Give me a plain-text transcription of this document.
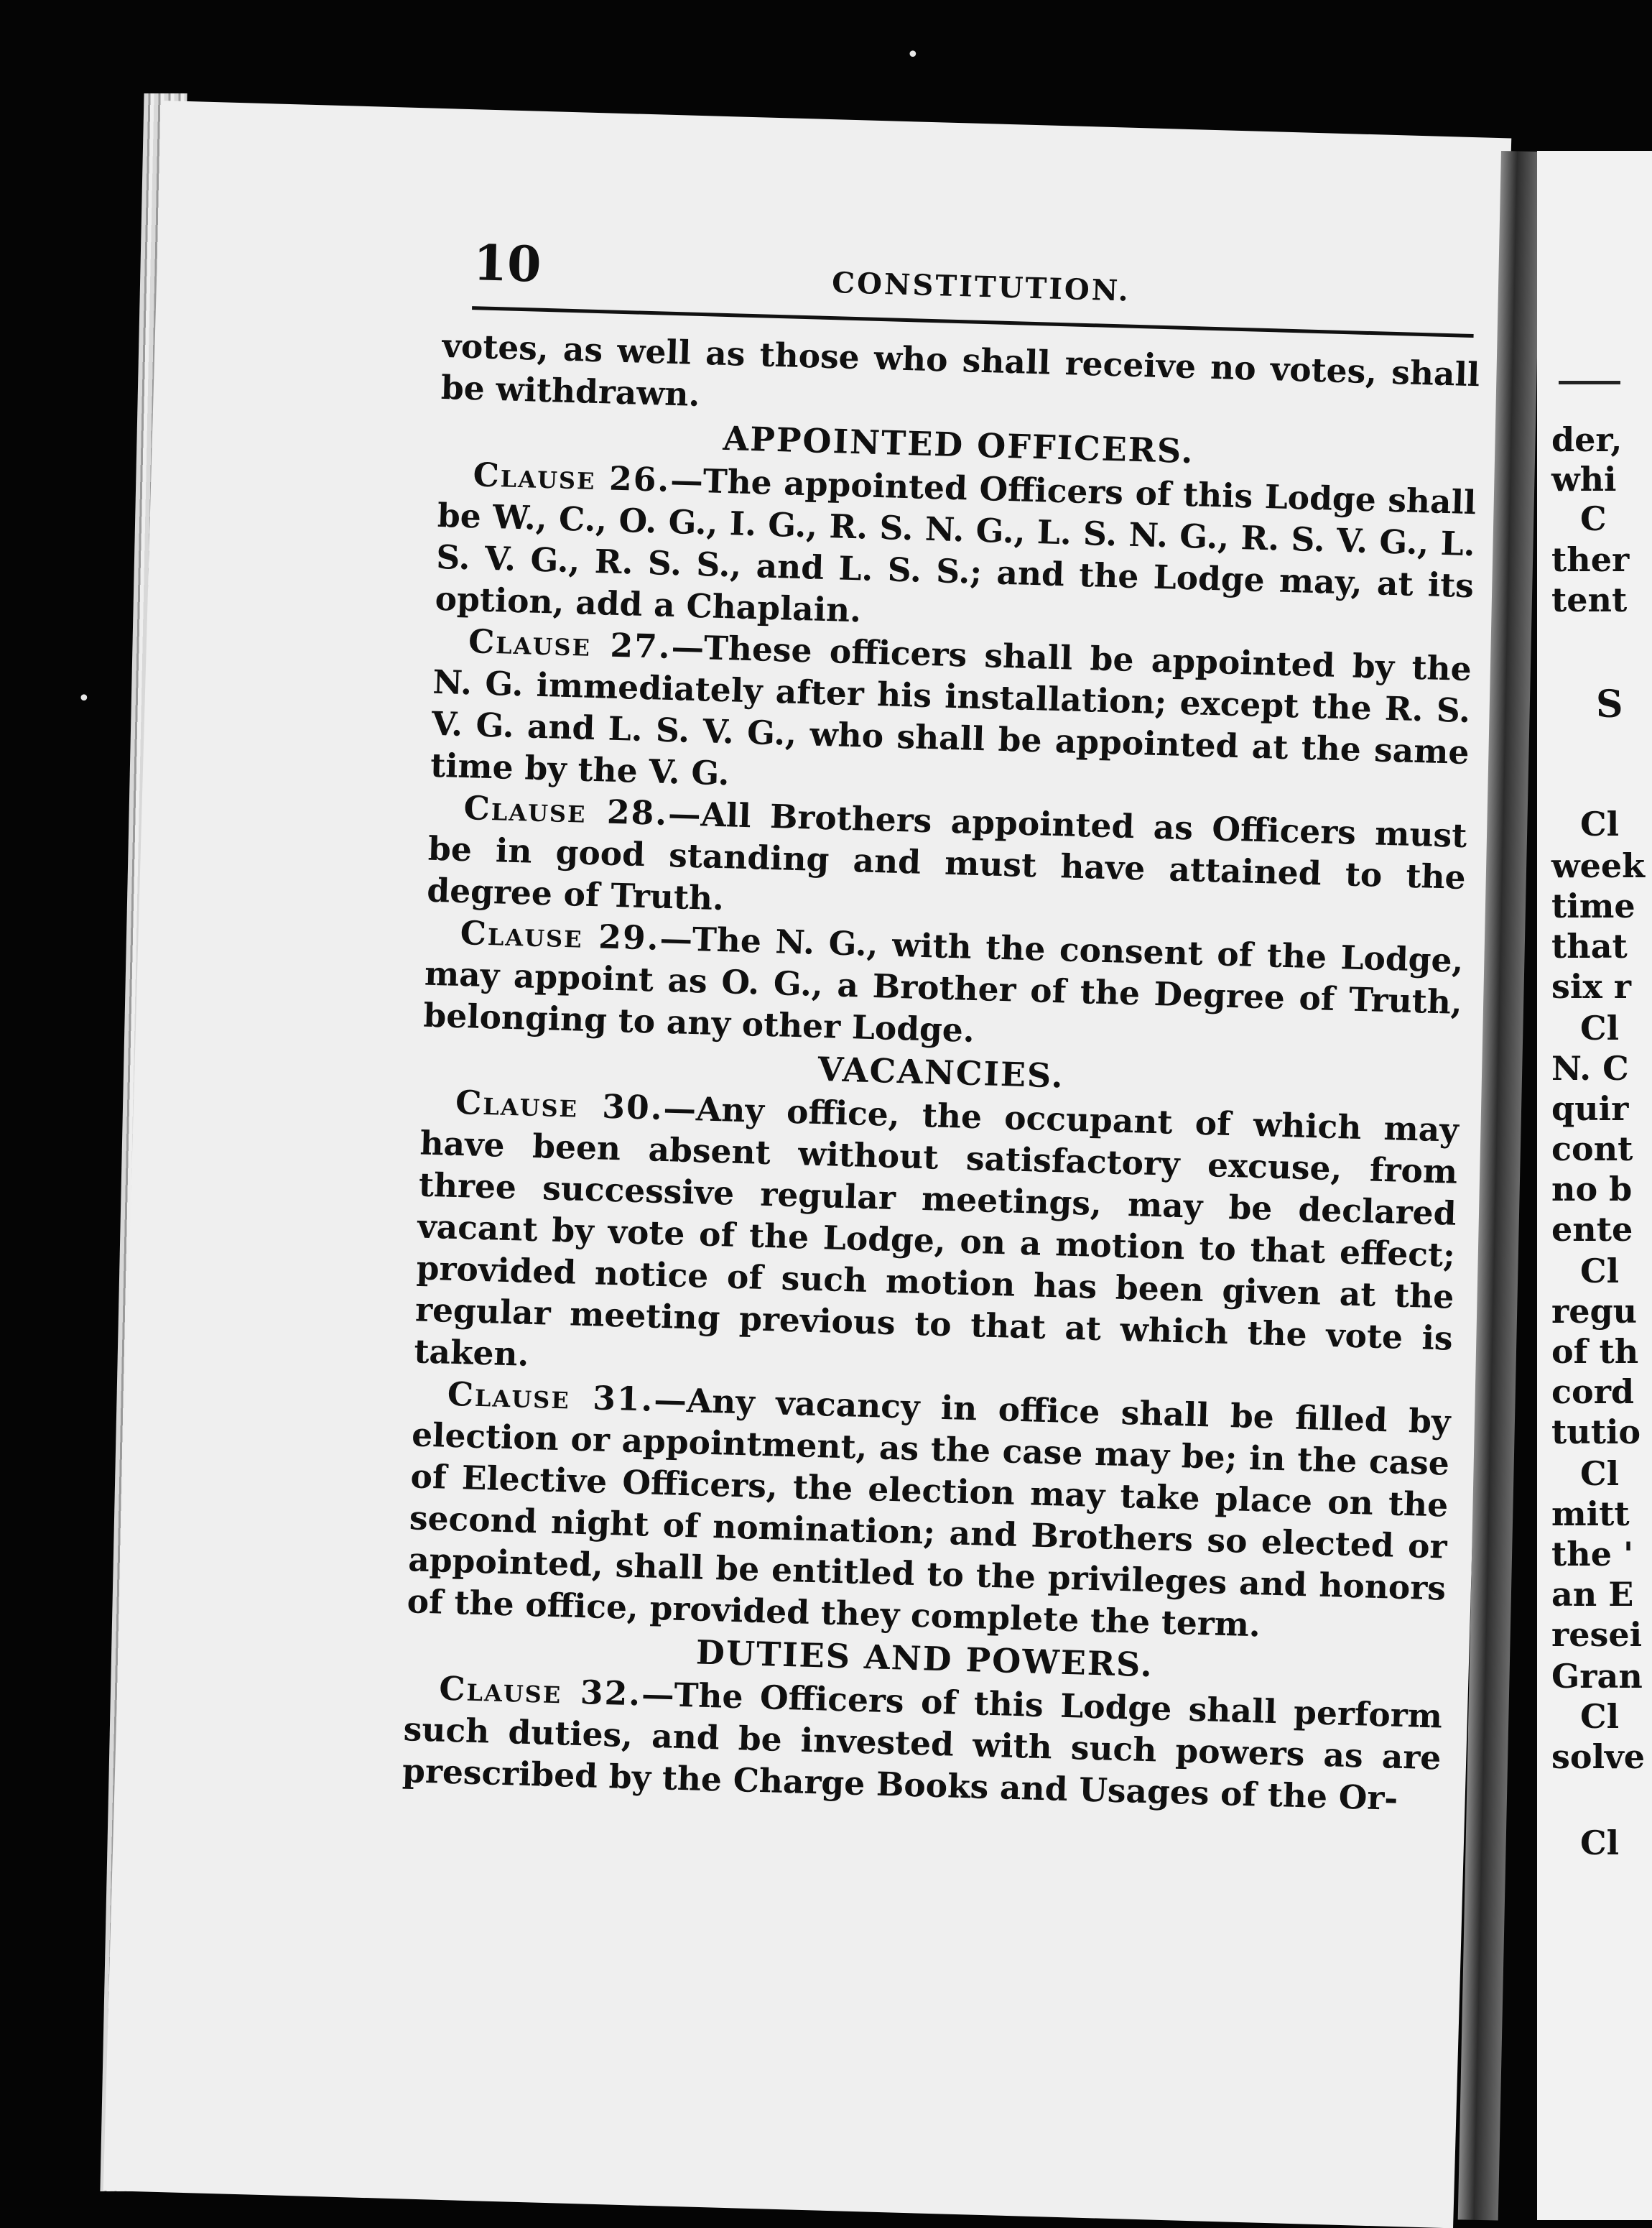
•
•

10	CONSTITUTION.

votes, as well as those who shall receive no votes, shall be withdrawn.

APPOINTED OFFICERS.

Clause 26.—The appointed Officers of this Lodge shall be W., C., O. G., I. G., R. S. N. G., L. S. N. G., R. S. V. G., L. S. V. G., R. S. S., and L. S. S.; and the Lodge may, at its option, add a Chaplain.

Clause 27.—These officers shall be appointed by the N. G. immediately after his installation; except the R. S. V. G. and L. S. V. G., who shall be appointed at the same time by the V. G.

Clause 28.—All Brothers appointed as Officers must be in good standing and must have attained to the degree of Truth.

Clause 29.—The N. G., with the consent of the Lodge, may appoint as O. G., a Brother of the Degree of Truth, belonging to any other Lodge.

VACANCIES.

Clause 30.—Any office, the occupant of which may have been absent without satisfactory excuse, from three successive regular meetings, may be declared vacant by vote of the Lodge, on a motion to that effect; provided notice of such motion has been given at the regular meeting previous to that at which the vote is taken.

Clause 31.—Any vacancy in office shall be filled by election or appointment, as the case may be; in the case of Elective Officers, the election may take place on the second night of nomination; and Brothers so elected or appointed, shall be entitled to the privileges and honors of the office, provided they complete the term.

DUTIES AND POWERS.

Clause 32.—The Officers of this Lodge shall perform such duties, and be invested with such powers as are prescribed by the Charge Books and Usages of the Or-

der,

whi

C

ther

tent

S

Cl

week

time

that

six r

Cl

N. C

quir

cont

no b

ente

Cl

regu

of th

cord

tutio

Cl

mitt

the '

an E

resei

Gran

Cl

solve

Cl
